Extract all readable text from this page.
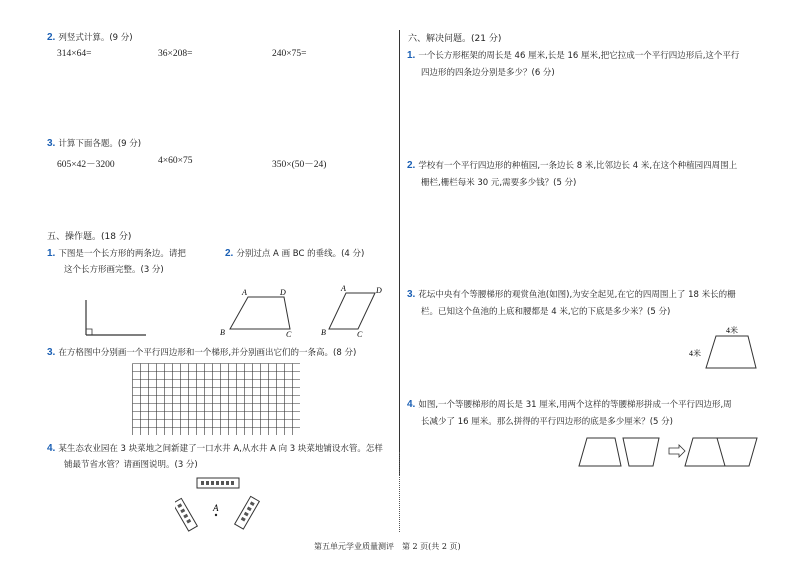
2. 列竖式计算。(9 分)
314×64=	36×208=	240×75=
3. 计算下面各题。(9 分)
605×42－3200	4×60×75	350×(50－24)
五、操作题。(18 分)
1. 下图是一个长方形的两条边。请把
这个长方形画完整。(3 分)
2. 分别过点 A 画 BC 的垂线。(4 分)
A	D
B	C
A	D
B	C
3. 在方格图中分别画一个平行四边形和一个梯形,并分别画出它们的一条高。(8 分)
4. 某生态农业园在 3 块菜地之间新建了一口水井 A,从水井 A 向 3 块菜地铺设水管。怎样
铺最节省水管？请画图说明。(3 分)
A
六、解决问题。(21 分)
1. 一个长方形框架的周长是 46 厘米,长是 16 厘米,把它拉成一个平行四边形后,这个平行
四边形的四条边分别是多少？(6 分)
2. 学校有一个平行四边形的种植园,一条边长 8 米,比邻边长 4 米,在这个种植园四周围上
栅栏,栅栏每米 30 元,需要多少钱？(5 分)
3. 花坛中央有个等腰梯形的观赏鱼池(如图),为安全起见,在它的四周围上了 18 米长的栅
栏。已知这个鱼池的上底和腰都是 4 米,它的下底是多少米？(5 分)
4米
4米
4. 如图,一个等腰梯形的周长是 31 厘米,用两个这样的等腰梯形拼成一个平行四边形,周
长减少了 16 厘米。那么拼得的平行四边形的底是多少厘米？(5 分)
第五单元学业质量测评　第 2 页(共 2 页)
